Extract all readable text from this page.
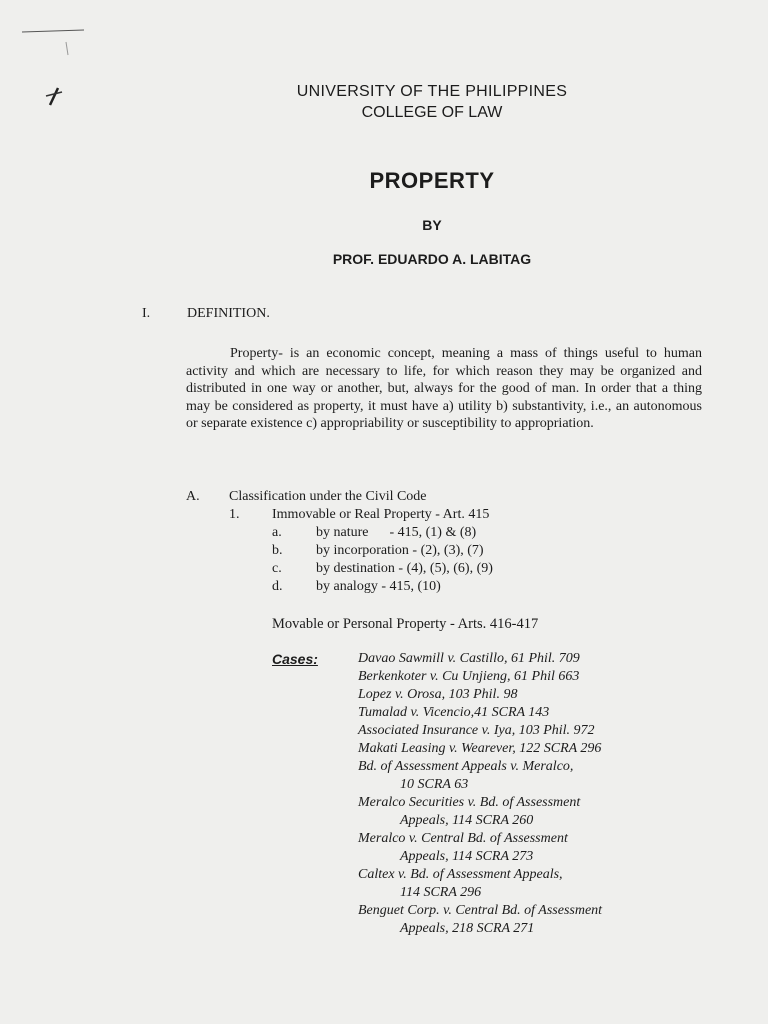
UNIVERSITY OF THE PHILIPPINES
COLLEGE OF LAW
PROPERTY
BY
PROF. EDUARDO A. LABITAG
I.	DEFINITION.
Property- is an economic concept, meaning a mass of things useful to human activity and which are necessary to life, for which reason they may be organized and distributed in one way or another, but, always for the good of man. In order that a thing may be considered as property, it must have a) utility b) substantivity, i.e., an autonomous or separate existence c) appropriability or susceptibility to appropriation.
A. Classification under the Civil Code
1. Immovable or Real Property - Art. 415
a. by nature      - 415, (1) & (8)
b. by incorporation - (2), (3), (7)
c. by destination - (4), (5), (6), (9)
d. by analogy - 415, (10)
Movable or Personal Property - Arts. 416-417
Cases:	Davao Sawmill v. Castillo, 61 Phil. 709
Berkenkoter v. Cu Unjieng, 61 Phil 663
Lopez v. Orosa, 103 Phil. 98
Tumalad v. Vicencio,41 SCRA 143
Associated Insurance v. Iya, 103 Phil. 972
Makati Leasing v. Wearever, 122 SCRA 296
Bd. of Assessment Appeals v. Meralco,
10 SCRA 63
Meralco Securities v. Bd. of Assessment
Appeals, 114 SCRA 260
Meralco v. Central Bd. of Assessment
Appeals, 114 SCRA 273
Caltex v. Bd. of Assessment Appeals,
114 SCRA 296
Benguet Corp. v. Central Bd. of Assessment
Appeals, 218 SCRA 271
